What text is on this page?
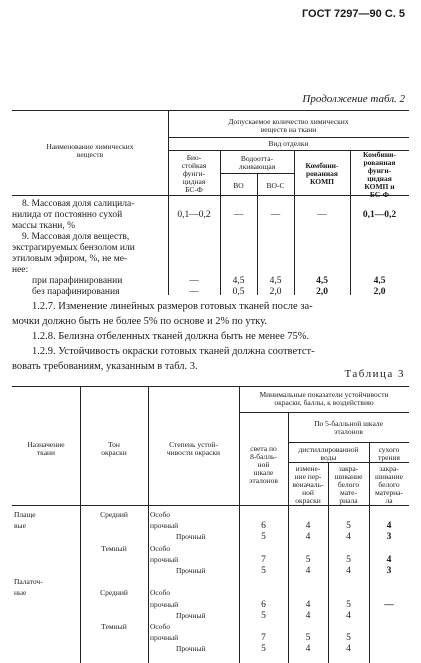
ГОСТ 7297—90 С. 5
Продолжение табл. 2
Наименование химических
веществ
Допускаемое количество химических
веществ на ткани
Вид отделки
Био-
стойкая
фунги-
цидная
БС-Ф
Водоотта-
лкивающая
ВО	ВО-С
Комбини-
рованная
КОМП
Комбини-
рованная
фунги-
цидная
КОМП и
БС-Ф
8. Массовая доля салицила-
нилида от постоянно сухой	0,1—0,2	—	—	—	0,1—0,2
массы ткани, %
9. Массовая доля веществ,
экстрагируемых бензолом или
этиловым эфиром, %, не ме-
нее:
при парафинировании	—	4,5	4,5	4,5	4,5
без парафинирования	—	0,5	2,0	2,0	2,0
1.2.7. Изменение линейных размеров готовых тканей после за-
мочки должно быть не более 5% по основе и 2% по утку.
1.2.8. Белизна отбеленных тканей должна быть не менее 75%.
1.2.9. Устойчивость окраски готовых тканей должна соответст-
вовать требованиям, указанным в табл. 3.
Таблица 3
Назначение
ткани
Тон
окраски
Степень устой-
чивости окраски
Минимальные показатели устойчивости
окраски, баллы, к воздействию
света по
8-балль-
ной
шкале
эталонов
По 5-балльной шкале
эталонов
дистиллированной
воды
сухого
трения
измене-
ние пер-
воначаль-
ной
окраски
закра-
шивание
белого
мате-
риала
закра-
шивание
белого
материа-
ла
Плаще	Средний	Особо
вые	прочный	6	4	5	4
Прочный	5	4	4	3
Темный	Особо
прочный	7	5	5	4
Прочный	5	4	4	3
Палаточ-
ные	Средний	Особо
прочный	6	4	5	—
Прочный	5	4	4
Темный	Особо
прочный	7	5	5
Прочный	5	4	4
